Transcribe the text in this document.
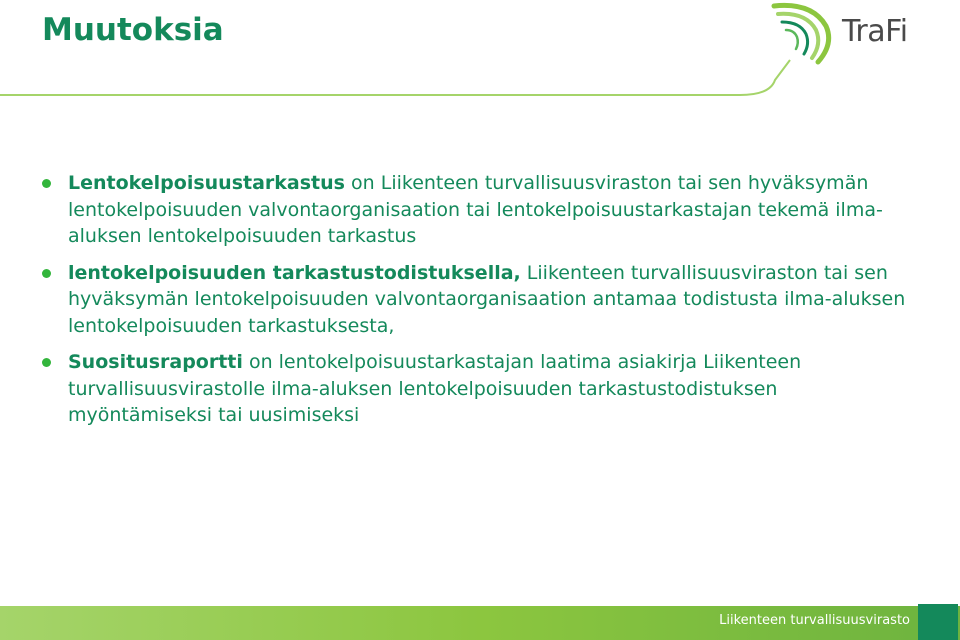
Muutoksia	TraFi
Lentokelpoisuustarkastus on Liikenteen turvallisuusviraston tai sen hyväksymän lentokelpoisuuden valvontaorganisaation tai lentokelpoisuustarkastajan tekemä ilma-aluksen lentokelpoisuuden tarkastus
lentokelpoisuuden tarkastustodistuksella, Liikenteen turvallisuusviraston tai sen hyväksymän lentokelpoisuuden valvontaorganisaation antamaa todistusta ilma-aluksen lentokelpoisuuden tarkastuksesta,
Suositusraportti on lentokelpoisuustarkastajan laatima asiakirja Liikenteen turvallisuusvirastolle ilma-aluksen lentokelpoisuuden tarkastustodistuksen myöntämiseksi tai uusimiseksi
Liikenteen turvallisuusvirasto
